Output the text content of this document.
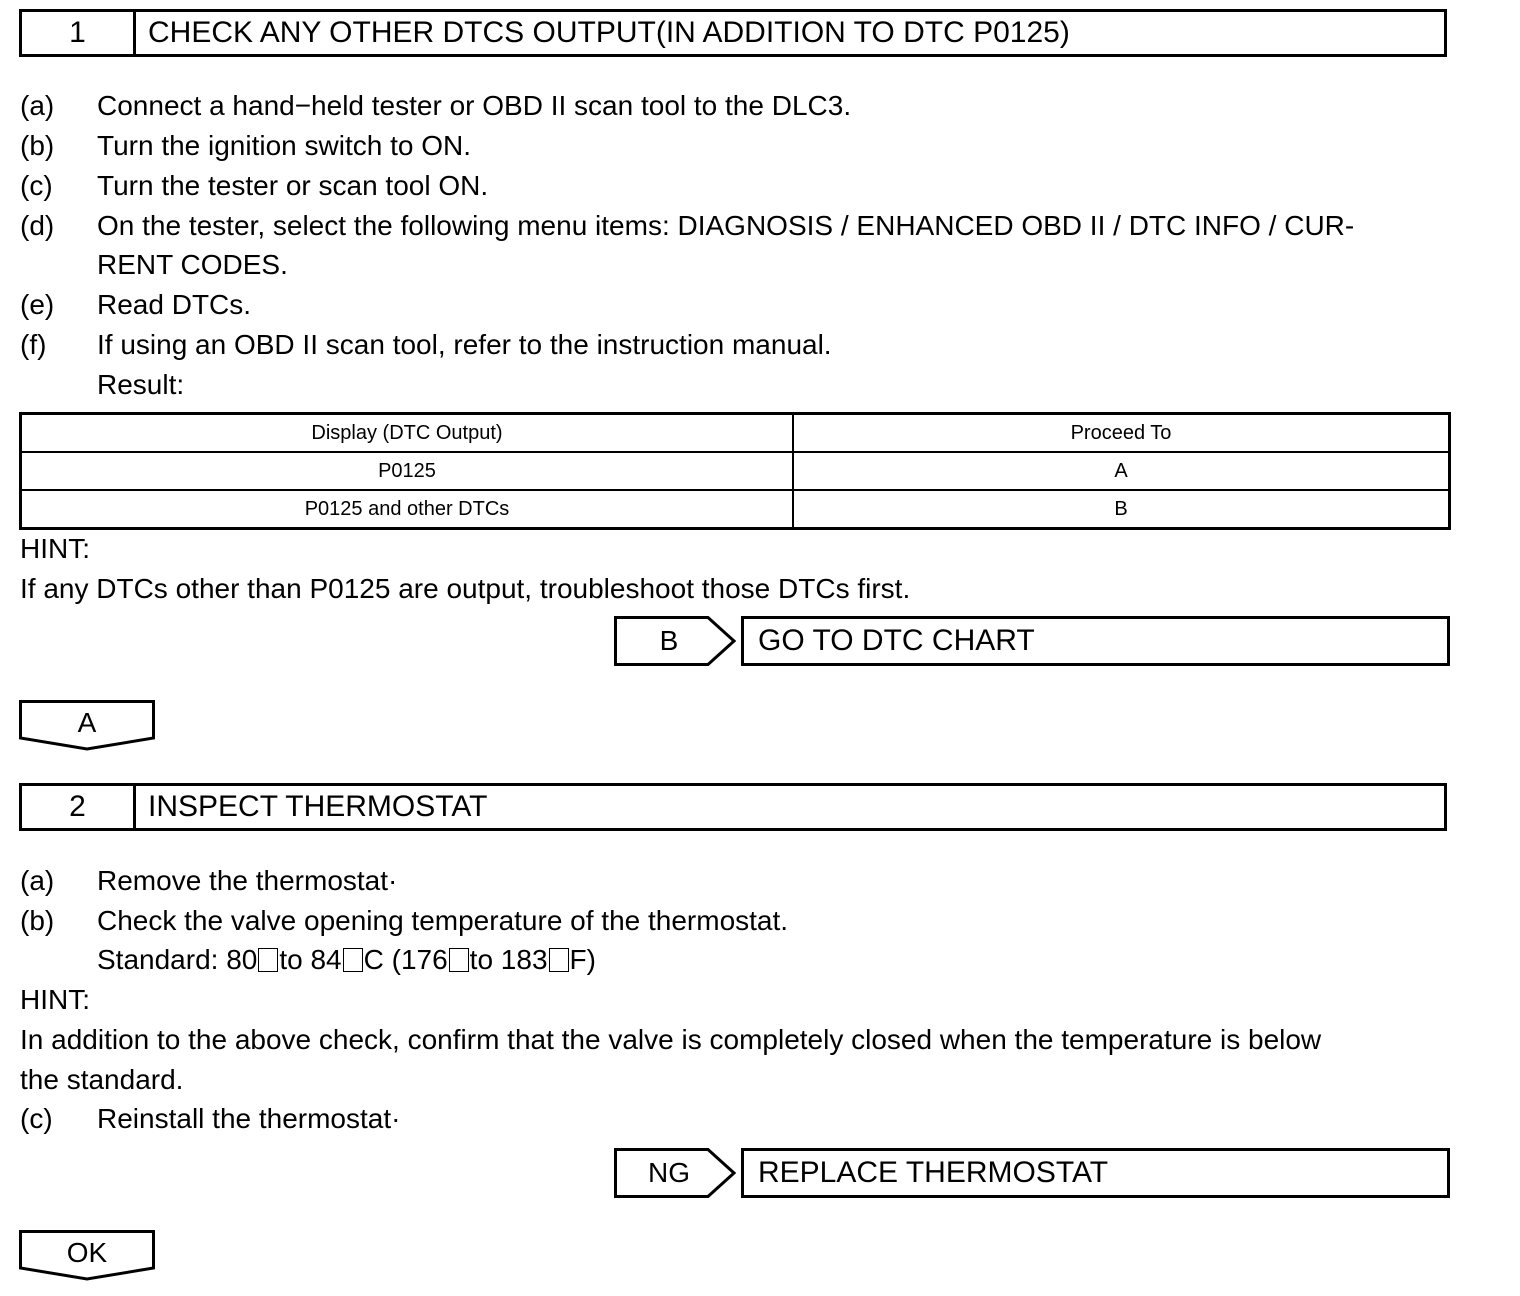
1	CHECK ANY OTHER DTCS OUTPUT(IN ADDITION TO DTC P0125)
(a) Connect a hand−held tester or OBD II scan tool to the DLC3.
(b) Turn the ignition switch to ON.
(c) Turn the tester or scan tool ON.
(d) On the tester, select the following menu items: DIAGNOSIS / ENHANCED OBD II / DTC INFO / CUR-
RENT CODES.
(e) Read DTCs.
(f) If using an OBD II scan tool, refer to the instruction manual.
Result:
Display (DTC Output)	Proceed To
P0125	A
P0125 and other DTCs	B
HINT:
If any DTCs other than P0125 are output, troubleshoot those DTCs first.
B	GO TO DTC CHART
A
2	INSPECT THERMOSTAT
(a) Remove the thermostat·
(b) Check the valve opening temperature of the thermostat.
Standard: 80 to 84 C (176 to 183 F)
HINT:
In addition to the above check, confirm that the valve is completely closed when the temperature is below
the standard.
(c) Reinstall the thermostat·
NG	REPLACE THERMOSTAT
OK
